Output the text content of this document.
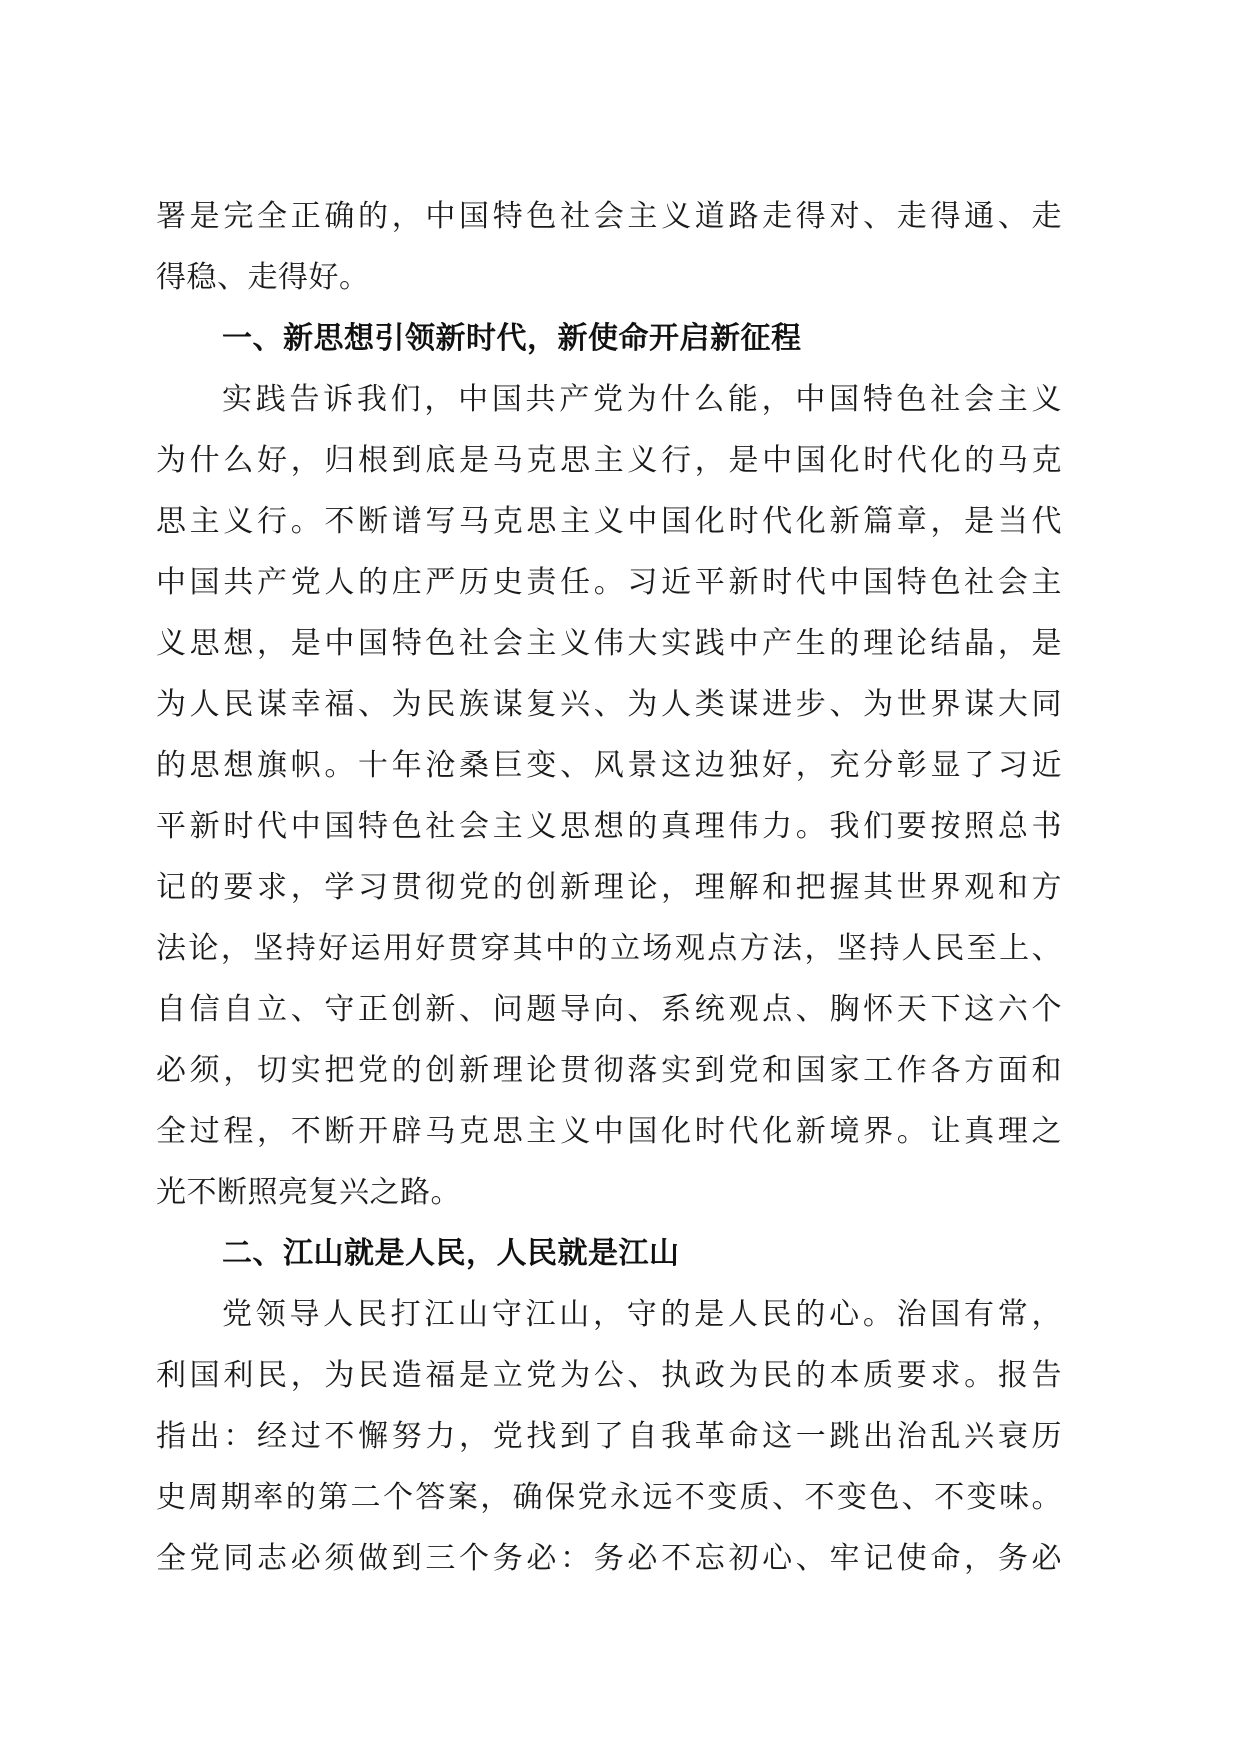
署是完全正确的，中国特色社会主义道路走得对、走得通、走
得稳、走得好。
一、新思想引领新时代，新使命开启新征程
实践告诉我们，中国共产党为什么能，中国特色社会主义
为什么好，归根到底是马克思主义行，是中国化时代化的马克
思主义行。不断谱写马克思主义中国化时代化新篇章，是当代
中国共产党人的庄严历史责任。习近平新时代中国特色社会主
义思想，是中国特色社会主义伟大实践中产生的理论结晶，是
为人民谋幸福、为民族谋复兴、为人类谋进步、为世界谋大同
的思想旗帜。十年沧桑巨变、风景这边独好，充分彰显了习近
平新时代中国特色社会主义思想的真理伟力。我们要按照总书
记的要求，学习贯彻党的创新理论，理解和把握其世界观和方
法论，坚持好运用好贯穿其中的立场观点方法，坚持人民至上、
自信自立、守正创新、问题导向、系统观点、胸怀天下这六个
必须，切实把党的创新理论贯彻落实到党和国家工作各方面和
全过程，不断开辟马克思主义中国化时代化新境界。让真理之
光不断照亮复兴之路。
二、江山就是人民，人民就是江山
党领导人民打江山守江山，守的是人民的心。治国有常，
利国利民，为民造福是立党为公、执政为民的本质要求。报告
指出：经过不懈努力，党找到了自我革命这一跳出治乱兴衰历
史周期率的第二个答案，确保党永远不变质、不变色、不变味。
全党同志必须做到三个务必：务必不忘初心、牢记使命，务必
